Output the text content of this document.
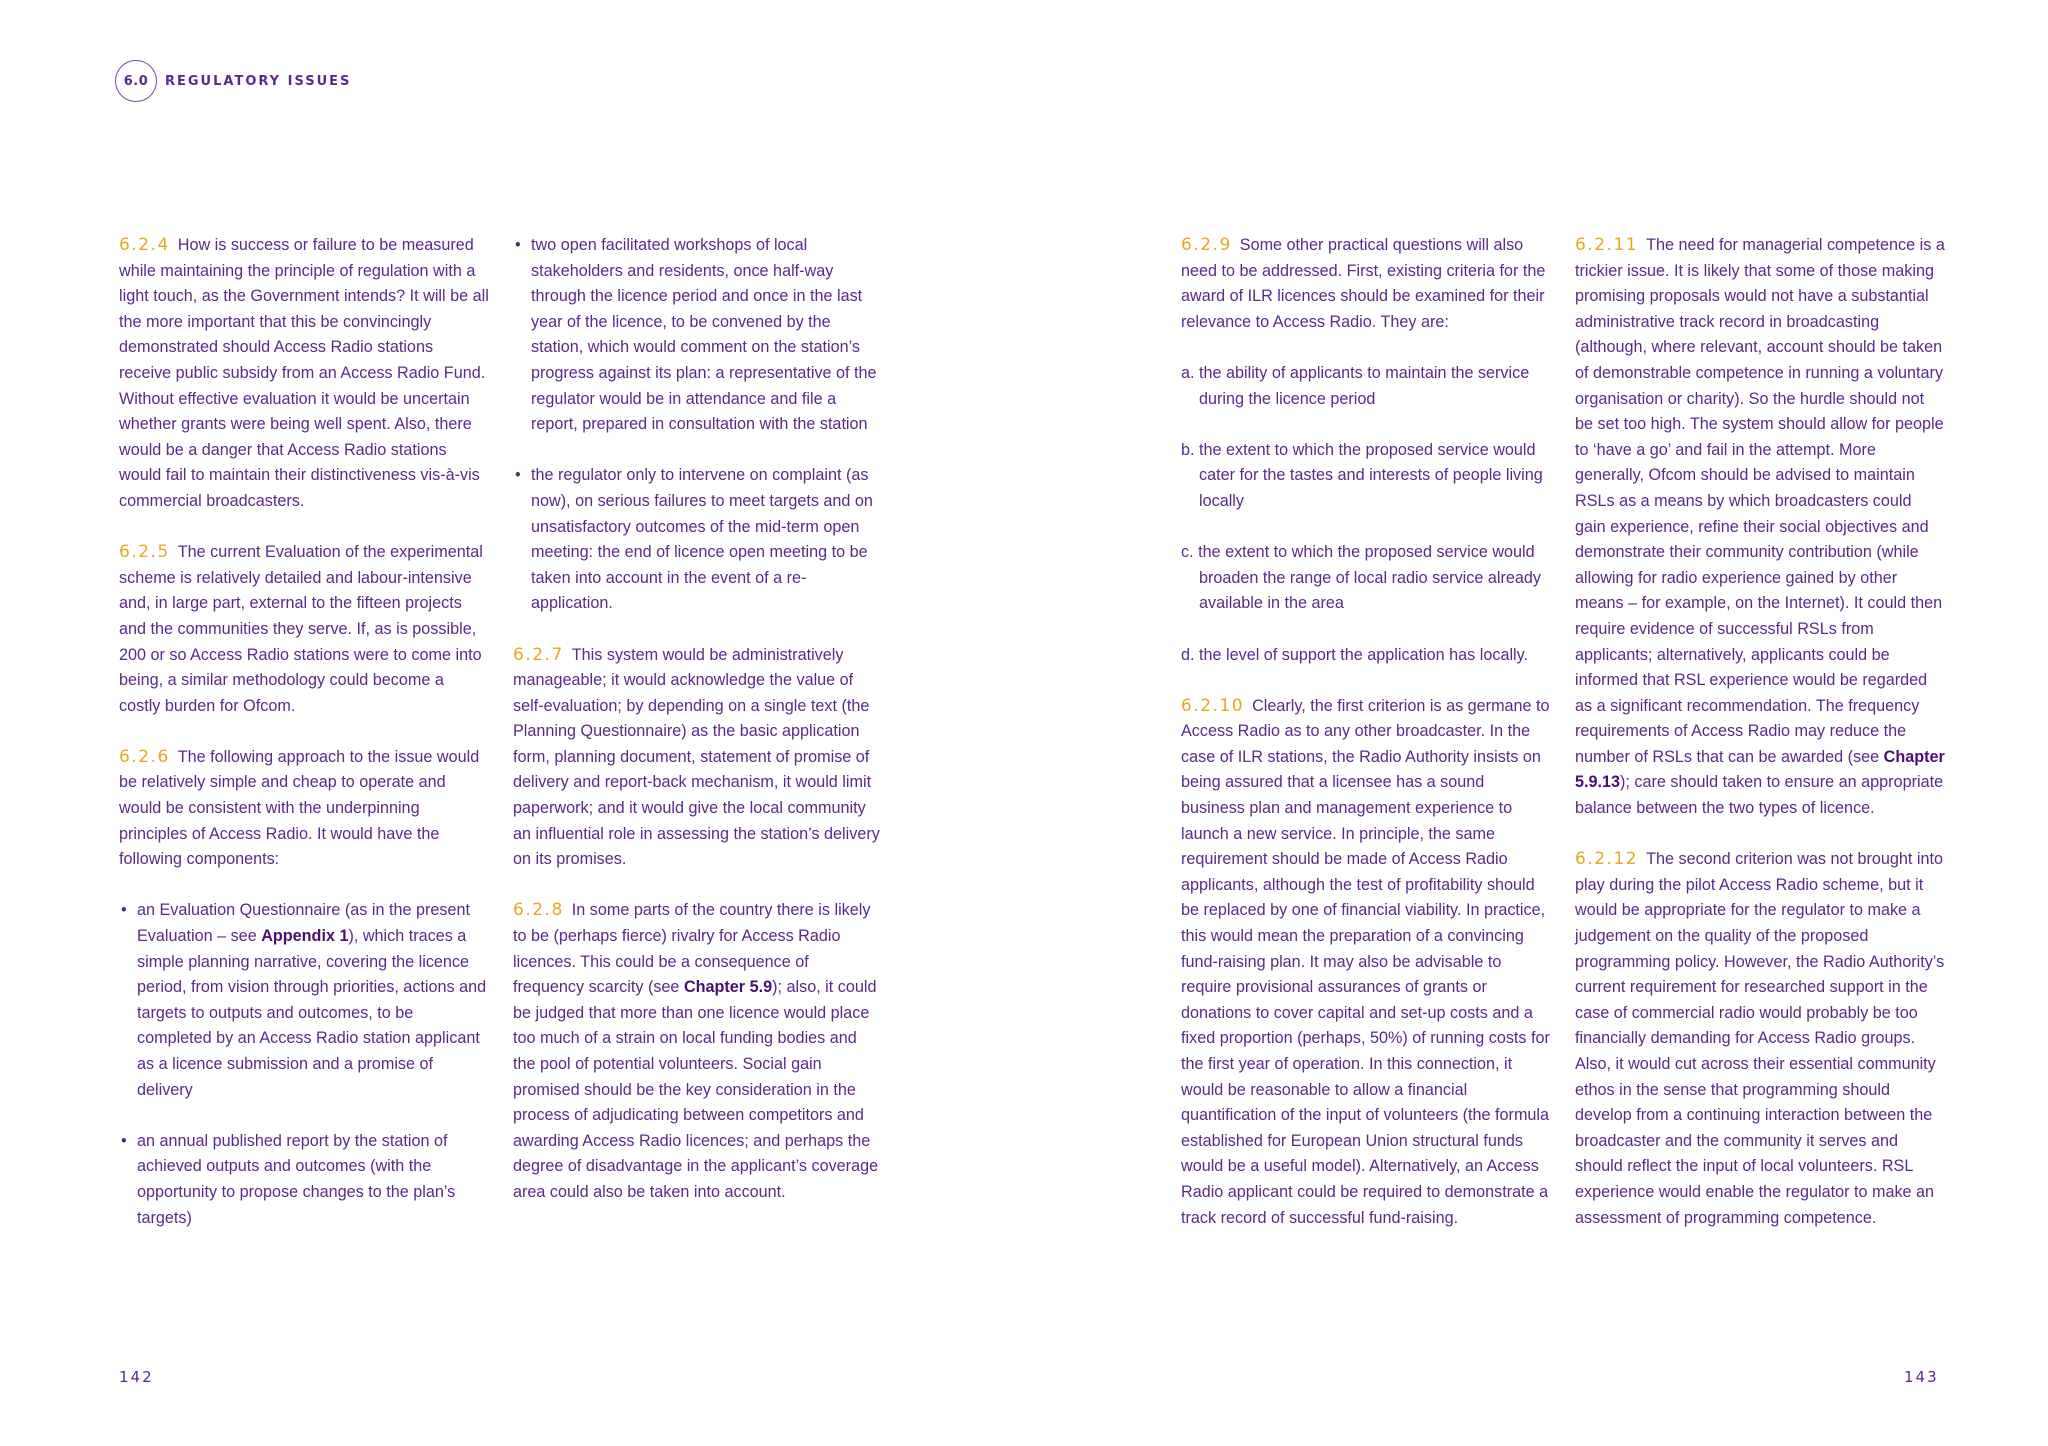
6.0	REGULATORY ISSUES

6.2.4 How is success or failure to be measured while maintaining the principle of regulation with a light touch, as the Government intends? It will be all the more important that this be convincingly demonstrated should Access Radio stations receive public subsidy from an Access Radio Fund. Without effective evaluation it would be uncertain whether grants were being well spent. Also, there would be a danger that Access Radio stations would fail to maintain their distinctiveness vis-à-vis commercial broadcasters.

6.2.5 The current Evaluation of the experimental scheme is relatively detailed and labour-intensive and, in large part, external to the fifteen projects and the communities they serve. If, as is possible, 200 or so Access Radio stations were to come into being, a similar methodology could become a costly burden for Ofcom.

6.2.6 The following approach to the issue would be relatively simple and cheap to operate and would be consistent with the underpinning principles of Access Radio. It would have the following components:

• an Evaluation Questionnaire (as in the present Evaluation – see Appendix 1), which traces a simple planning narrative, covering the licence period, from vision through priorities, actions and targets to outputs and outcomes, to be completed by an Access Radio station applicant as a licence submission and a promise of delivery

• an annual published report by the station of achieved outputs and outcomes (with the opportunity to propose changes to the plan’s targets)

• two open facilitated workshops of local stakeholders and residents, once half-way through the licence period and once in the last year of the licence, to be convened by the station, which would comment on the station’s progress against its plan: a representative of the regulator would be in attendance and file a report, prepared in consultation with the station

• the regulator only to intervene on complaint (as now), on serious failures to meet targets and on unsatisfactory outcomes of the mid-term open meeting: the end of licence open meeting to be taken into account in the event of a re-application.

6.2.7 This system would be administratively manageable; it would acknowledge the value of self-evaluation; by depending on a single text (the Planning Questionnaire) as the basic application form, planning document, statement of promise of delivery and report-back mechanism, it would limit paperwork; and it would give the local community an influential role in assessing the station’s delivery on its promises.

6.2.8 In some parts of the country there is likely to be (perhaps fierce) rivalry for Access Radio licences. This could be a consequence of frequency scarcity (see Chapter 5.9); also, it could be judged that more than one licence would place too much of a strain on local funding bodies and the pool of potential volunteers. Social gain promised should be the key consideration in the process of adjudicating between competitors and awarding Access Radio licences; and perhaps the degree of disadvantage in the applicant’s coverage area could also be taken into account.

6.2.9 Some other practical questions will also need to be addressed. First, existing criteria for the award of ILR licences should be examined for their relevance to Access Radio. They are:

a. the ability of applicants to maintain the service during the licence period

b. the extent to which the proposed service would cater for the tastes and interests of people living locally

c. the extent to which the proposed service would broaden the range of local radio service already available in the area

d. the level of support the application has locally.

6.2.10 Clearly, the first criterion is as germane to Access Radio as to any other broadcaster. In the case of ILR stations, the Radio Authority insists on being assured that a licensee has a sound business plan and management experience to launch a new service. In principle, the same requirement should be made of Access Radio applicants, although the test of profitability should be replaced by one of financial viability. In practice, this would mean the preparation of a convincing fund-raising plan. It may also be advisable to require provisional assurances of grants or donations to cover capital and set-up costs and a fixed proportion (perhaps, 50%) of running costs for the first year of operation. In this connection, it would be reasonable to allow a financial quantification of the input of volunteers (the formula established for European Union structural funds would be a useful model). Alternatively, an Access Radio applicant could be required to demonstrate a track record of successful fund-raising.

6.2.11 The need for managerial competence is a trickier issue. It is likely that some of those making promising proposals would not have a substantial administrative track record in broadcasting (although, where relevant, account should be taken of demonstrable competence in running a voluntary organisation or charity). So the hurdle should not be set too high. The system should allow for people to ‘have a go’ and fail in the attempt. More generally, Ofcom should be advised to maintain RSLs as a means by which broadcasters could gain experience, refine their social objectives and demonstrate their community contribution (while allowing for radio experience gained by other means – for example, on the Internet). It could then require evidence of successful RSLs from applicants; alternatively, applicants could be informed that RSL experience would be regarded as a significant recommendation. The frequency requirements of Access Radio may reduce the number of RSLs that can be awarded (see Chapter 5.9.13); care should taken to ensure an appropriate balance between the two types of licence.

6.2.12 The second criterion was not brought into play during the pilot Access Radio scheme, but it would be appropriate for the regulator to make a judgement on the quality of the proposed programming policy. However, the Radio Authority’s current requirement for researched support in the case of commercial radio would probably be too financially demanding for Access Radio groups. Also, it would cut across their essential community ethos in the sense that programming should develop from a continuing interaction between the broadcaster and the community it serves and should reflect the input of local volunteers. RSL experience would enable the regulator to make an assessment of programming competence.

142	143
